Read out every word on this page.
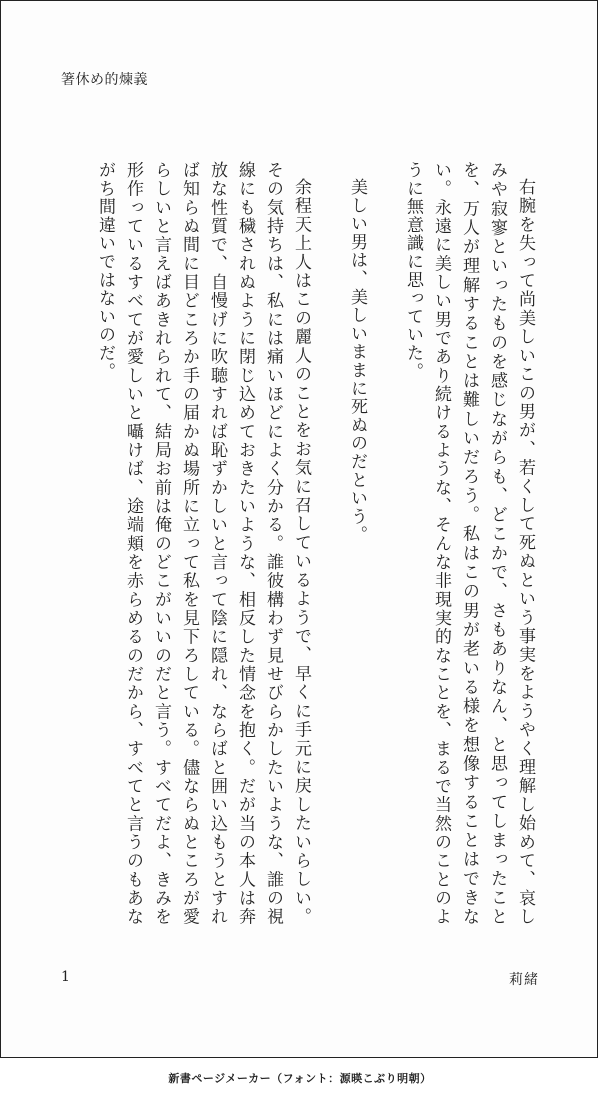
箸休め的煉義

右腕を失って尚美しいこの男が、若くして死ぬという事実をようやく理解し始めて、哀しみや寂寥といったものを感じながらも、どこかで、さもありなん、と思ってしまったことを、万人が理解することは難しいだろう。私はこの男が老いる様を想像することはできない。永遠に美しい男であり続けるような、そんな非現実的なことを、まるで当然のことのように無意識に思っていた。

美しい男は、美しいままに死ぬのだという。

余程天上人はこの麗人のことをお気に召しているようで、早くに手元に戻したいらしい。その気持ちは、私には痛いほどによく分かる。誰彼構わず見せびらかしたいような、誰の視線にも穢されぬように閉じ込めておきたいような、相反した情念を抱く。だが当の本人は奔放な性質で、自慢げに吹聴すれば恥ずかしいと言って陰に隠れ、ならばと囲い込もうとすれば知らぬ間に目どころか手の届かぬ場所に立って私を見下ろしている。儘ならぬところが愛らしいと言えばあきれられて、結局お前は俺のどこがいいのだと言う。すべてだよ、きみを形作っているすべてが愛しいと囁けば、途端頬を赤らめるのだから、すべてと言うのもあながち間違いではないのだ。

1	莉緒
新書ページメーカー（フォント：源暎こぶり明朝）
